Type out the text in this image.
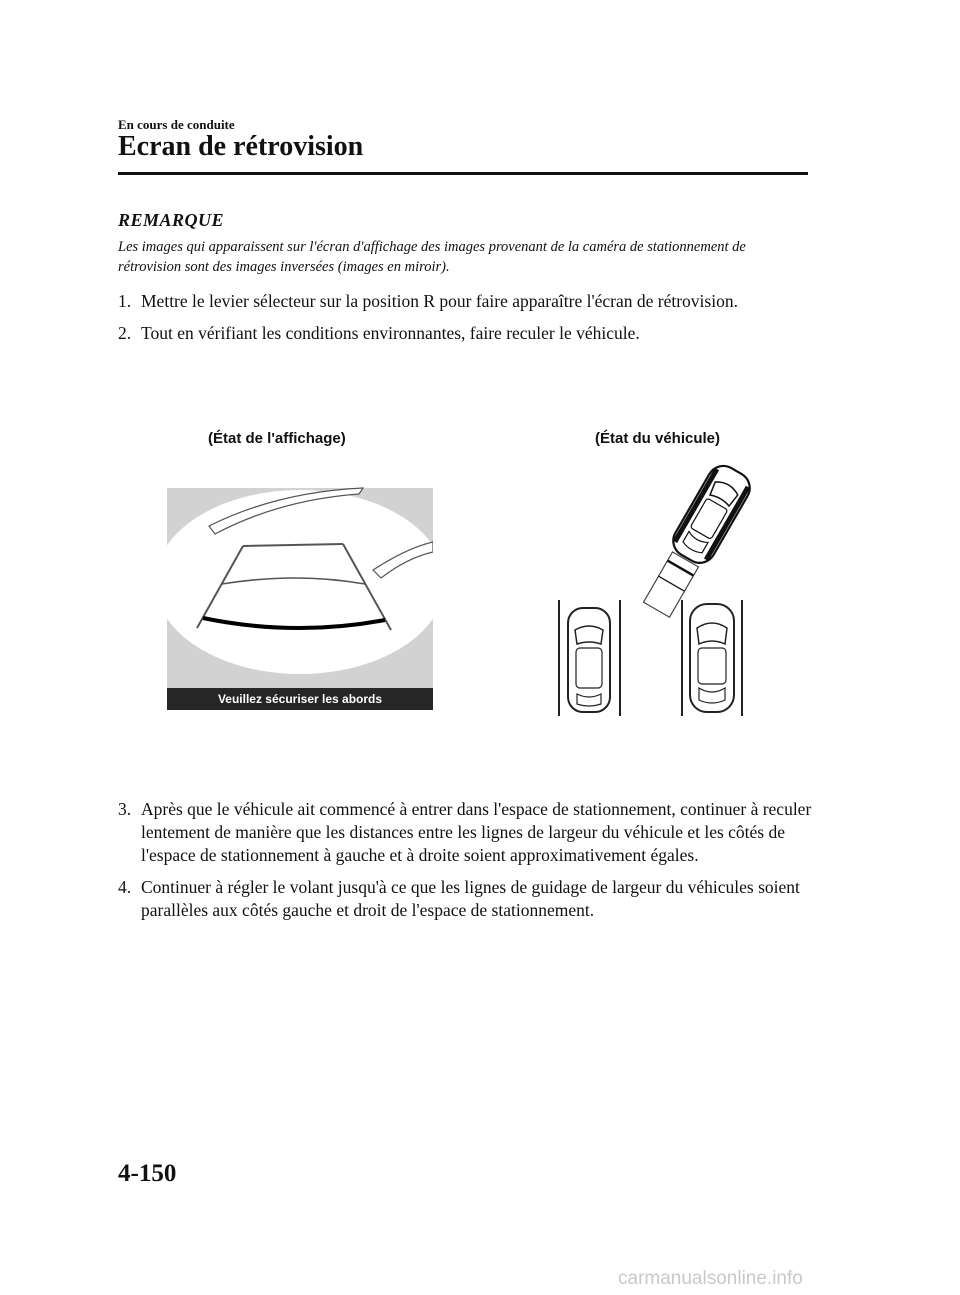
En cours de conduite
Ecran de rétrovision
REMARQUE
Les images qui apparaissent sur l'écran d'affichage des images provenant de la caméra de stationnement de rétrovision sont des images inversées (images en miroir).

1. Mettre le levier sélecteur sur la position R pour faire apparaître l'écran de rétrovision.

2. Tout en vérifiant les conditions environnantes, faire reculer le véhicule.

(État de l'affichage)	(État du véhicule)
Veuillez sécuriser les abords

3. Après que le véhicule ait commencé à entrer dans l'espace de stationnement, continuer à reculer lentement de manière que les distances entre les lignes de largeur du véhicule et les côtés de l'espace de stationnement à gauche et à droite soient approximativement égales.

4. Continuer à régler le volant jusqu'à ce que les lignes de guidage de largeur du véhicules soient parallèles aux côtés gauche et droit de l'espace de stationnement.

4-150
carmanualsonline.info
